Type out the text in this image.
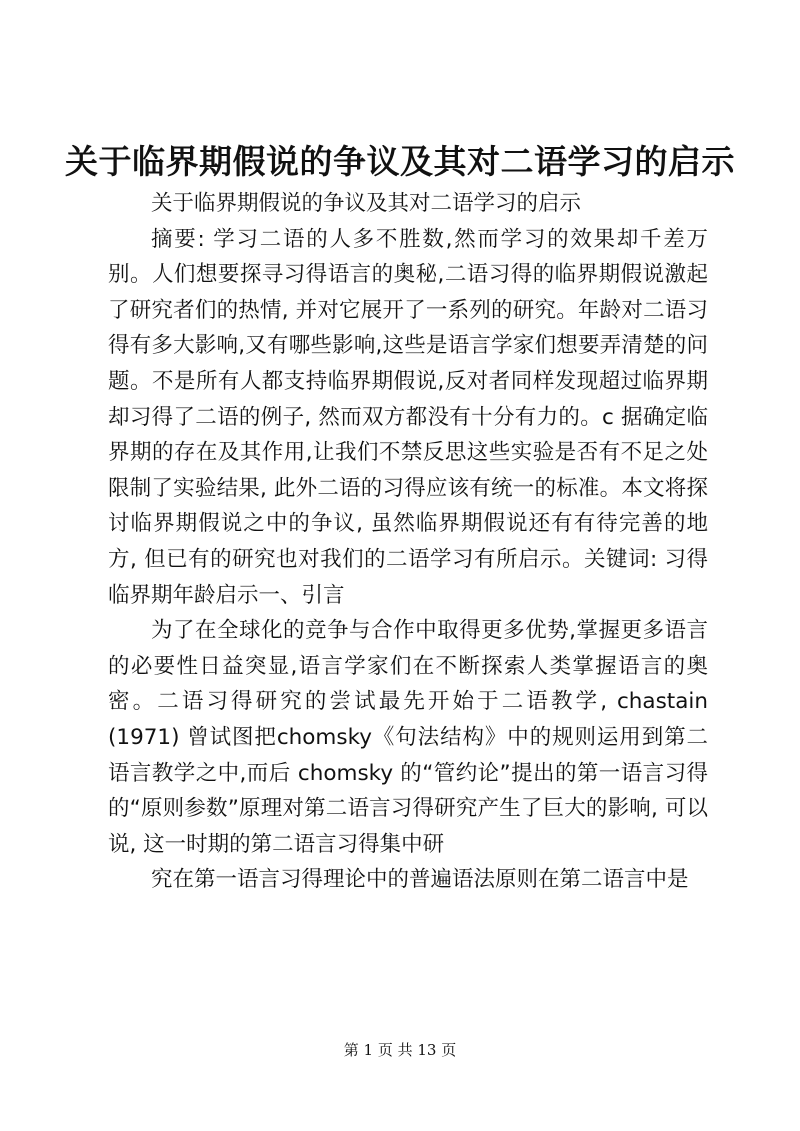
关于临界期假说的争议及其对二语学习的启示

关于临界期假说的争议及其对二语学习的启示

摘要: 学习二语的人多不胜数,然而学习的效果却千差万别。人们想要探寻习得语言的奥秘,二语习得的临界期假说激起了研究者们的热情, 并对它展开了一系列的研究。年龄对二语习得有多大影响,又有哪些影响,这些是语言学家们想要弄清楚的问题。不是所有人都支持临界期假说,反对者同样发现超过临界期却习得了二语的例子, 然而双方都没有十分有力的。c 据确定临界期的存在及其作用,让我们不禁反思这些实验是否有不足之处限制了实验结果, 此外二语的习得应该有统一的标准。本文将探讨临界期假说之中的争议, 虽然临界期假说还有有待完善的地方, 但已有的研究也对我们的二语学习有所启示。关键词: 习得临界期年龄启示一、引言

为了在全球化的竞争与合作中取得更多优势,掌握更多语言的必要性日益突显,语言学家们在不断探索人类掌握语言的奥密。二语习得研究的尝试最先开始于二语教学, chastain (1971) 曾试图把chomsky《句法结构》中的规则运用到第二语言教学之中,而后 chomsky 的“管约论”提出的第一语言习得的“原则参数”原理对第二语言习得研究产生了巨大的影响, 可以说, 这一时期的第二语言习得集中研

究在第一语言习得理论中的普遍语法原则在第二语言中是

第 1 页 共 13 页
